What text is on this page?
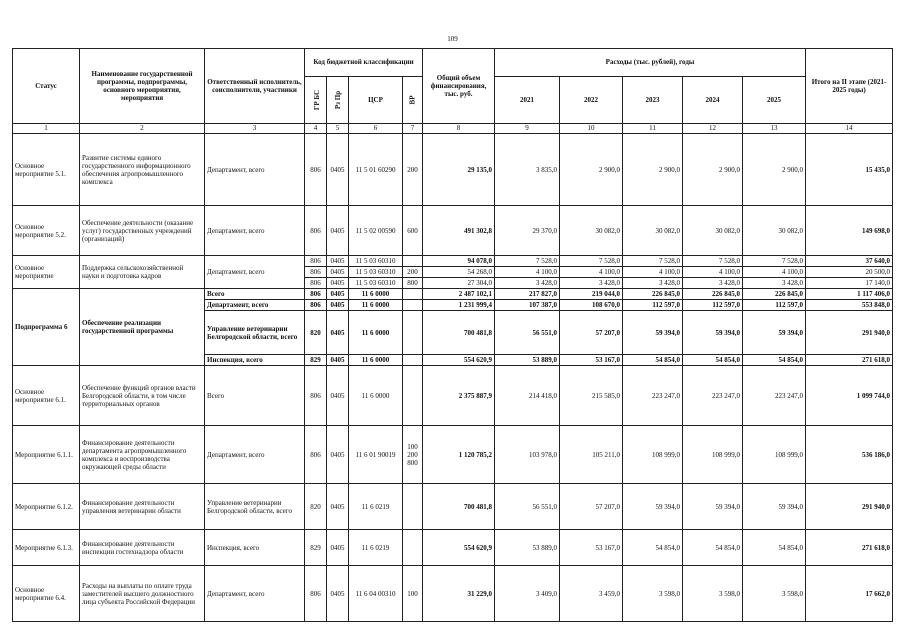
109
Статус	Наименование государственной программы, подпрограммы, основного мероприятия, мероприятия	Ответственный исполнитель, соисполнители, участники	Код бюджетной классификации				Общий объем финансирования, тыс. руб.	Расходы (тыс. рублей), годы					Итого на II этапе (2021-2025 годы)
			ГР БС	Рз Пр	ЦСР	ВР		2021	2022	2023	2024	2025	
1	2	3	4	5	6	7	8	9	10	11	12	13	14
Основное мероприятие 5.1.	Развитие системы единого государственного информационного обеспечения агропромышленного комплекса	Департамент, всего	806	0405	11 5 01 60290	200	29 135,0	3 835,0	2 900,0	2 900,0	2 900,0	2 900,0	15 435,0
Основное мероприятие 5.2.	Обеспечение деятельности (оказание услуг) государственных учреждений (организаций)	Департамент, всего	806	0405	11 5 02 00590	600	491 302,8	29 370,0	30 082,0	30 082,0	30 082,0	30 082,0	149 698,0
Основное мероприятие	Поддержка сельскохозяйственной науки и подготовка кадров	Департамент, всего	806	0405	11 5 03 60310		94 078,0	7 528,0	7 528,0	7 528,0	7 528,0	7 528,0	37 640,0
			806	0405	11 5 03 60310	200	54 268,0	4 100,0	4 100,0	4 100,0	4 100,0	4 100,0	20 500,0
			806	0405	11 5 03 60310	800	27 304,0	3 428,0	3 428,0	3 428,0	3 428,0	3 428,0	17 140,0
Подпрограмма 6	Обеспечение реализации государственной программы	Всего	806	0405	11 6 0000		2 487 102,1	217 827,0	219 044,0	226 845,0	226 845,0	226 845,0	1 117 406,0
		Департамент, всего	806	0405	11 6 0000		1 231 999,4	107 387,0	108 670,0	112 597,0	112 597,0	112 597,0	553 848,0
		Управление ветеринарии Белгородской области, всего	820	0405	11 6 0000		700 481,8	56 551,0	57 207,0	59 394,0	59 394,0	59 394,0	291 940,0
		Инспекция, всего	829	0405	11 6 0000		554 620,9	53 889,0	53 167,0	54 854,0	54 854,0	54 854,0	271 618,0
Основное мероприятие 6.1.	Обеспечение функций органов власти Белгородской области, в том числе территориальных органов	Всего	806	0405	11 6 0000		2 375 887,9	214 418,0	215 585,0	223 247,0	223 247,0	223 247,0	1 099 744,0
Мероприятие 6.1.1.	Финансирование деятельности департамента агропромышленного комплекса и воспроизводства окружающей среды области	Департамент, всего	806	0405	11 6 01 90019	100 200 800	1 120 785,2	103 978,0	105 211,0	108 999,0	108 999,0	108 999,0	536 186,0
Мероприятие 6.1.2.	Финансирование деятельности управления ветеринарии области	Управление ветеринарии Белгородской области, всего	820	0405	11 6 0219		700 481,8	56 551,0	57 207,0	59 394,0	59 394,0	59 394,0	291 940,0
Мероприятие 6.1.3.	Финансирование деятельности инспекции гостехнадзора области	Инспекция, всего	829	0405	11 6 0219		554 620,9	53 889,0	53 167,0	54 854,0	54 854,0	54 854,0	271 618,0
Основное мероприятие 6.4.	Расходы на выплаты по оплате труда заместителей высшего должностного лица субъекта Российской Федерации	Департамент, всего	806	0405	11 6 04 00310	100	31 229,0	3 409,0	3 459,0	3 598,0	3 598,0	3 598,0	17 662,0
